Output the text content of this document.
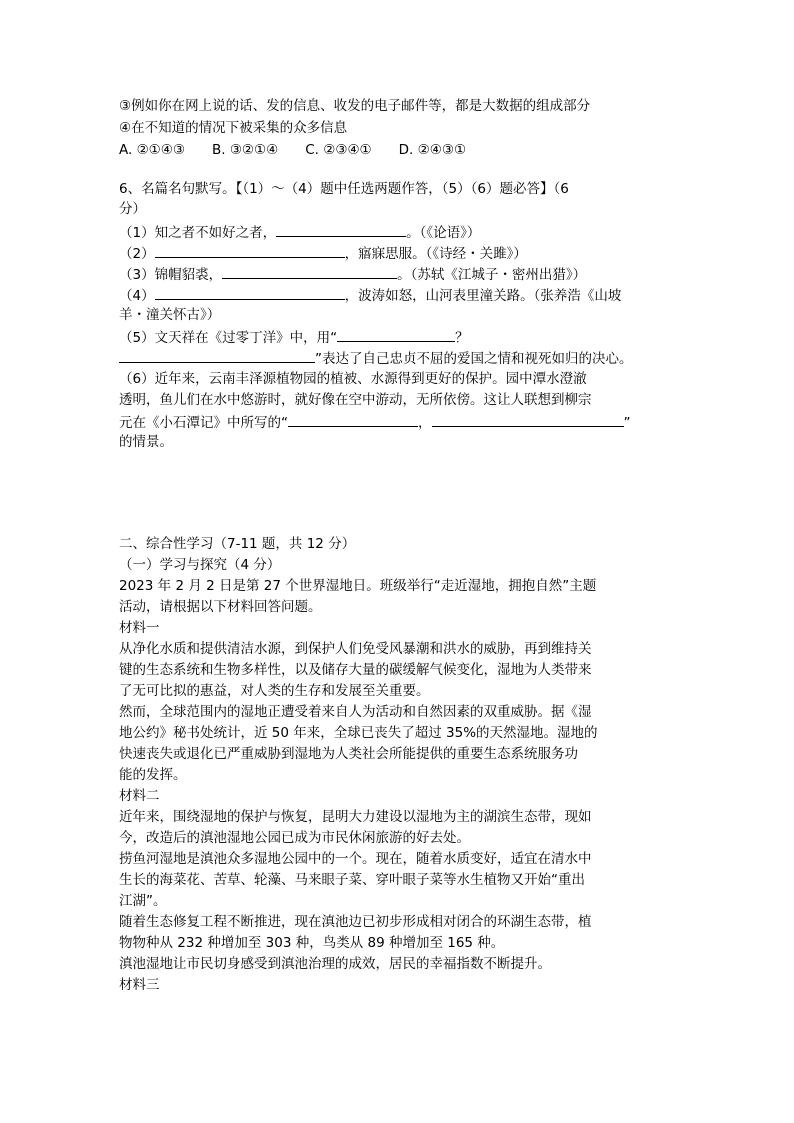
③例如你在网上说的话、发的信息、收发的电子邮件等，都是大数据的组成部分
④在不知道的情况下被采集的众多信息
A. ②①④③　　B. ③②①④　　C. ②③④①　　D. ②④③①
6、名篇名句默写。【（1）～（4）题中任选两题作答，（5）（6）题必答】（6
分）
（1）知之者不如好之者，	。（《论语》）
（2）	，寤寐思服。（《诗经・关雎》）
（3）锦帽貂裘，	。（苏轼《江城子・密州出猎》）
（4）	，波涛如怒，山河表里潼关路。（张养浩《山坡
羊・潼关怀古》）
（5）文天祥在《过零丁洋》中，用“	？
”表达了自己忠贞不屈的爱国之情和视死如归的决心。
（6）近年来，云南丰泽源植物园的植被、水源得到更好的保护。园中潭水澄澈
透明，鱼儿们在水中悠游时，就好像在空中游动，无所依傍。这让人联想到柳宗
元在《小石潭记》中所写的“	，	”
的情景。
二、综合性学习（7-11 题，共 12 分）
（一）学习与探究（4 分）
2023 年 2 月 2 日是第 27 个世界湿地日。班级举行“走近湿地，拥抱自然”主题
活动，请根据以下材料回答问题。
材料一
从净化水质和提供清洁水源，到保护人们免受风暴潮和洪水的威胁，再到维持关
键的生态系统和生物多样性，以及储存大量的碳缓解气候变化，湿地为人类带来
了无可比拟的惠益，对人类的生存和发展至关重要。
然而，全球范围内的湿地正遭受着来自人为活动和自然因素的双重威胁。据《湿
地公约》秘书处统计，近 50 年来，全球已丧失了超过 35%的天然湿地。湿地的
快速丧失或退化已严重威胁到湿地为人类社会所能提供的重要生态系统服务功
能的发挥。
材料二
近年来，围绕湿地的保护与恢复，昆明大力建设以湿地为主的湖滨生态带，现如
今，改造后的滇池湿地公园已成为市民休闲旅游的好去处。
捞鱼河湿地是滇池众多湿地公园中的一个。现在，随着水质变好，适宜在清水中
生长的海菜花、苦草、轮藻、马来眼子菜、穿叶眼子菜等水生植物又开始“重出
江湖”。
随着生态修复工程不断推进，现在滇池边已初步形成相对闭合的环湖生态带，植
物物种从 232 种增加至 303 种，鸟类从 89 种增加至 165 种。
滇池湿地让市民切身感受到滇池治理的成效，居民的幸福指数不断提升。
材料三
